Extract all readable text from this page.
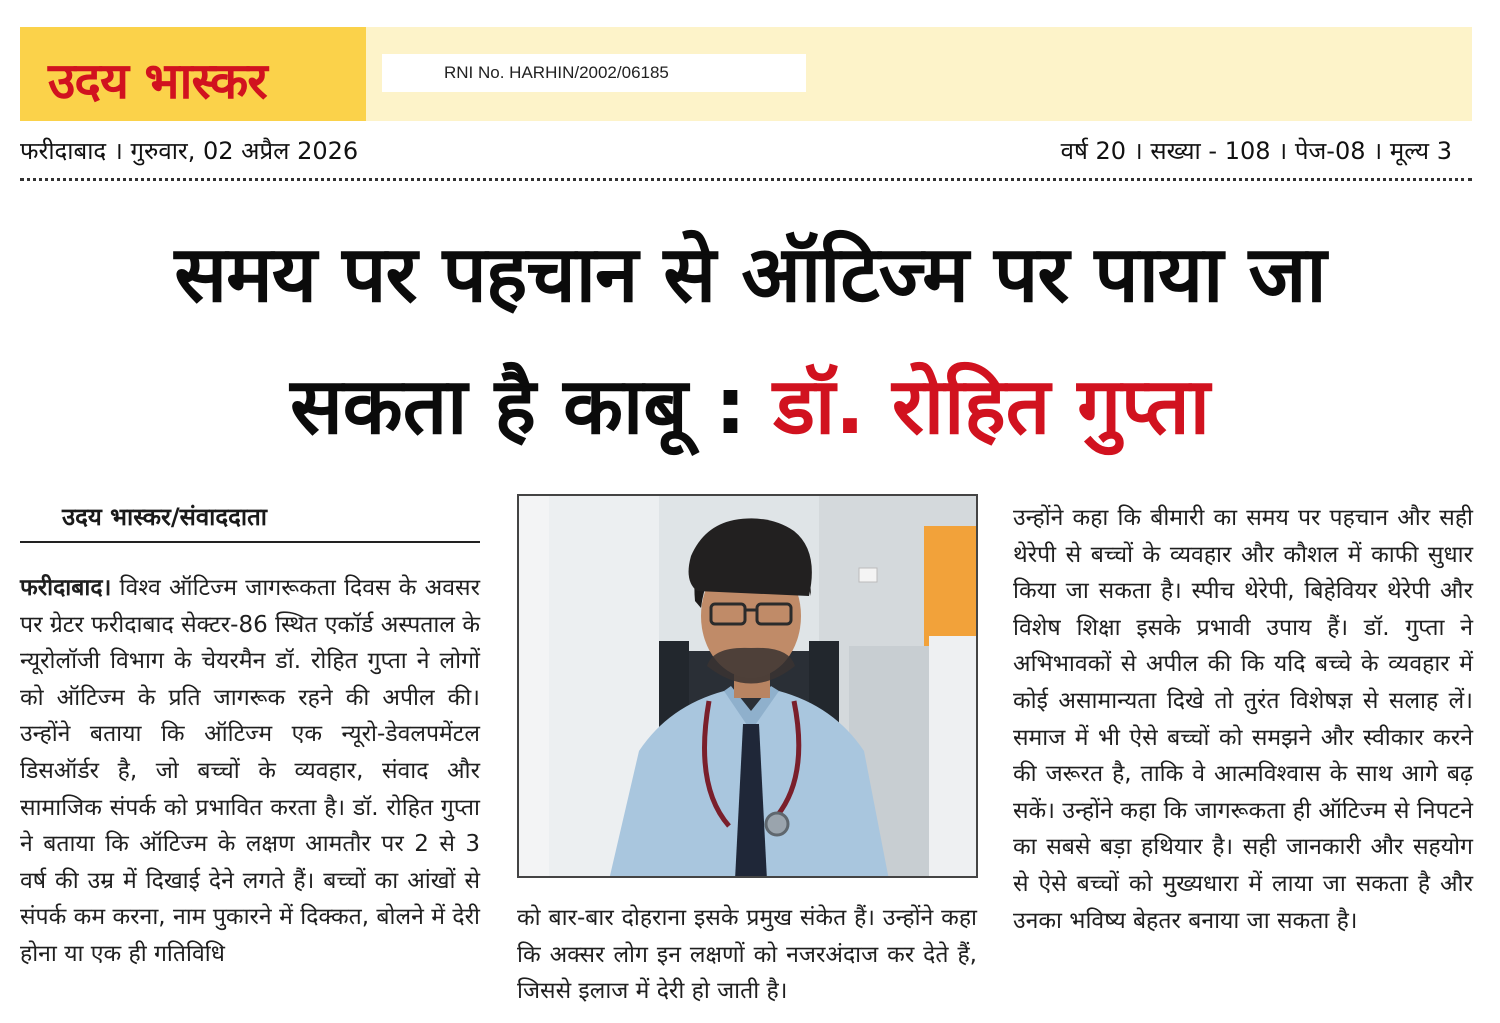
उदय भास्कर	RNI No. HARHIN/2002/06185
फरीदाबाद । गुरुवार, 02 अप्रैल 2026	वर्ष 20 । सख्या - 108 । पेज-08 । मूल्य 3
समय पर पहचान से ऑटिज्म पर पाया जा
सकता है काबू : डॉ. रोहित गुप्ता
उदय भास्कर/संवाददाता
फरीदाबाद। विश्व ऑटिज्म जागरूकता दिवस के अवसर पर ग्रेटर फरीदाबाद सेक्टर-86 स्थित एकॉर्ड अस्पताल के न्यूरोलॉजी विभाग के चेयरमैन डॉ. रोहित गुप्ता ने लोगों को ऑटिज्म के प्रति जागरूक रहने की अपील की। उन्होंने बताया कि ऑटिज्म एक न्यूरो-डेवलपमेंटल डिसऑर्डर है, जो बच्चों के व्यवहार, संवाद और सामाजिक संपर्क को प्रभावित करता है। डॉ. रोहित गुप्ता ने बताया कि ऑटिज्म के लक्षण आमतौर पर 2 से 3 वर्ष की उम्र में दिखाई देने लगते हैं। बच्चों का आंखों से संपर्क कम करना, नाम पुकारने में दिक्कत, बोलने में देरी होना या एक ही गतिविधि
को बार-बार दोहराना इसके प्रमुख संकेत हैं। उन्होंने कहा कि अक्सर लोग इन लक्षणों को नजरअंदाज कर देते हैं, जिससे इलाज में देरी हो जाती है।
उन्होंने कहा कि बीमारी का समय पर पहचान और सही थेरेपी से बच्चों के व्यवहार और कौशल में काफी सुधार किया जा सकता है। स्पीच थेरेपी, बिहेवियर थेरेपी और विशेष शिक्षा इसके प्रभावी उपाय हैं। डॉ. गुप्ता ने अभिभावकों से अपील की कि यदि बच्चे के व्यवहार में कोई असामान्यता दिखे तो तुरंत विशेषज्ञ से सलाह लें। समाज में भी ऐसे बच्चों को समझने और स्वीकार करने की जरूरत है, ताकि वे आत्मविश्वास के साथ आगे बढ़ सकें। उन्होंने कहा कि जागरूकता ही ऑटिज्म से निपटने का सबसे बड़ा हथियार है। सही जानकारी और सहयोग से ऐसे बच्चों को मुख्यधारा में लाया जा सकता है और उनका भविष्य बेहतर बनाया जा सकता है।
